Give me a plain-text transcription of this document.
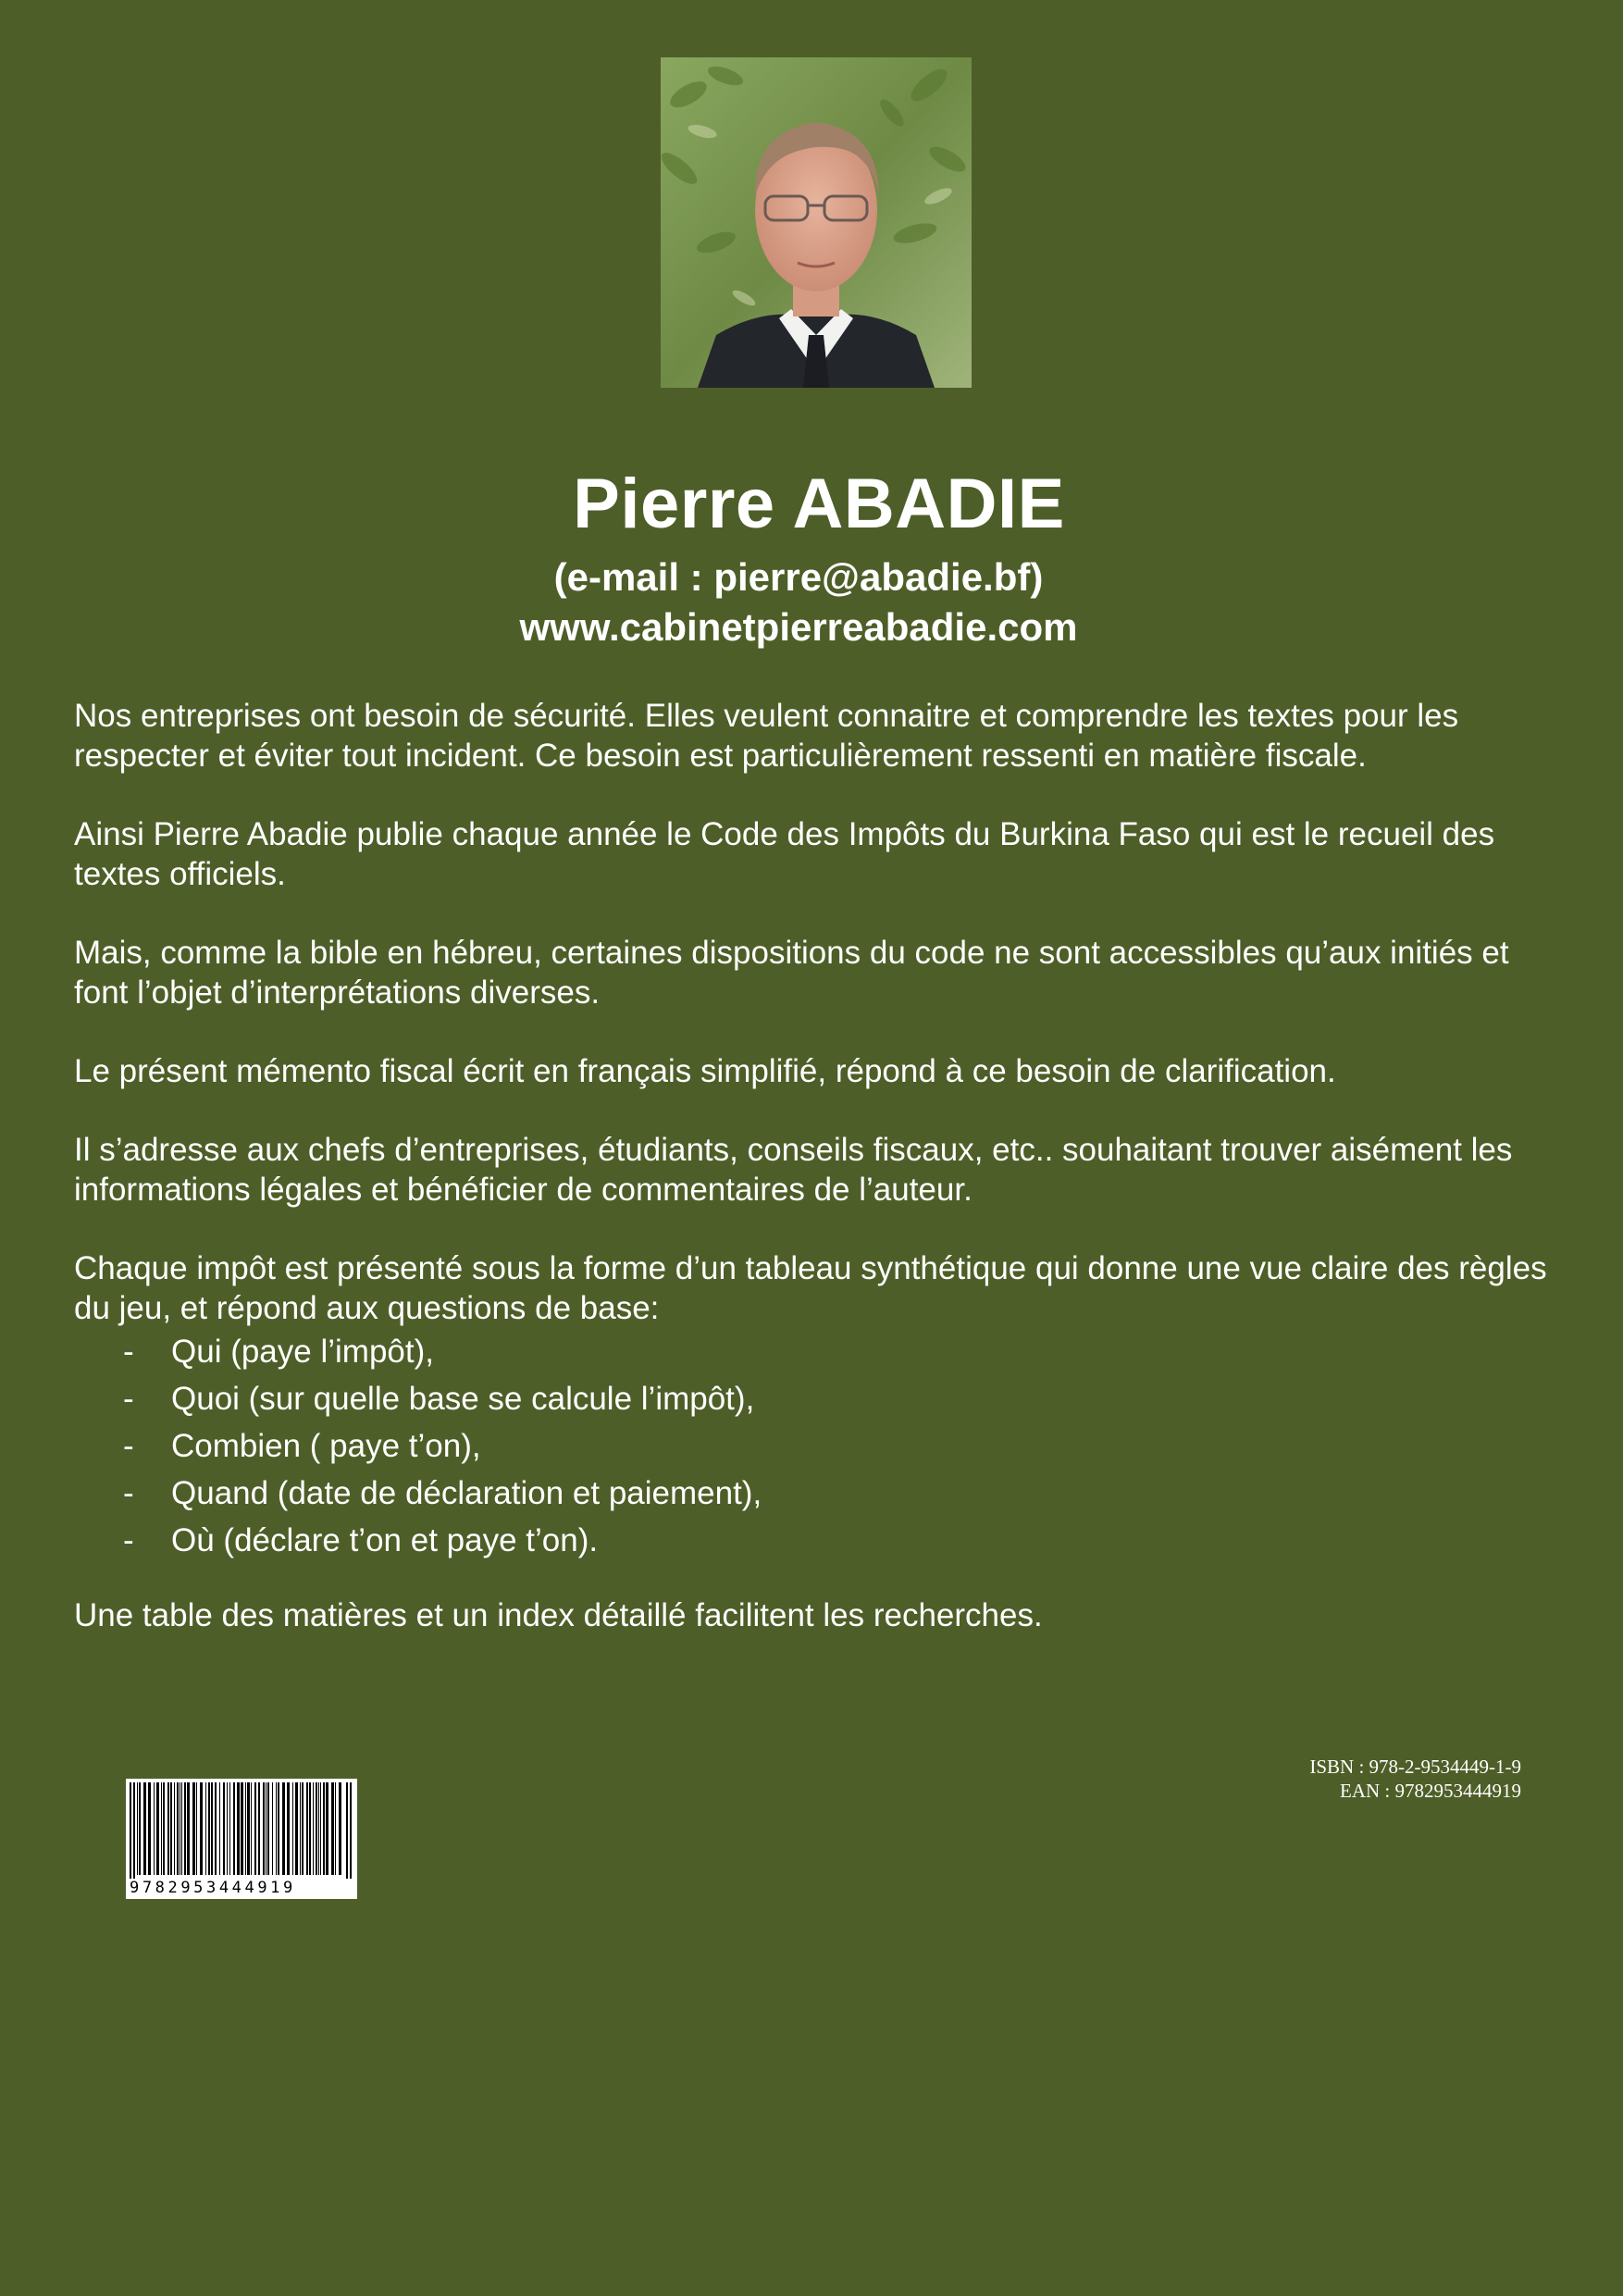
Pierre ABADIE
(e-mail : pierre@abadie.bf)
www.cabinetpierreabadie.com

Nos entreprises ont besoin de sécurité. Elles veulent connaitre et comprendre les textes pour les respecter et éviter tout incident. Ce besoin est particulièrement ressenti en matière fiscale.

Ainsi Pierre Abadie publie chaque année le Code des Impôts du Burkina Faso qui est le recueil des textes officiels.

Mais, comme la bible en hébreu, certaines dispositions du code ne sont accessibles qu’aux initiés et font l’objet d’interprétations diverses.

Le présent mémento fiscal écrit en français simplifié, répond à ce besoin de clarification.

Il s’adresse aux chefs d’entreprises, étudiants, conseils fiscaux, etc.. souhaitant trouver aisément les informations légales et bénéficier de commentaires de l’auteur.

Chaque impôt est présenté sous la forme d’un tableau synthétique qui donne une vue claire des règles du jeu, et répond aux questions de base:

- Qui (paye l’impôt),
- Quoi (sur quelle base se calcule l’impôt),
- Combien ( paye t’on),
- Quand (date de déclaration et paiement),
- Où (déclare t’on et paye t’on).

Une table des matières et un index détaillé facilitent les recherches.

ISBN : 978-2-9534449-1-9
EAN : 9782953444919
9782953444919
